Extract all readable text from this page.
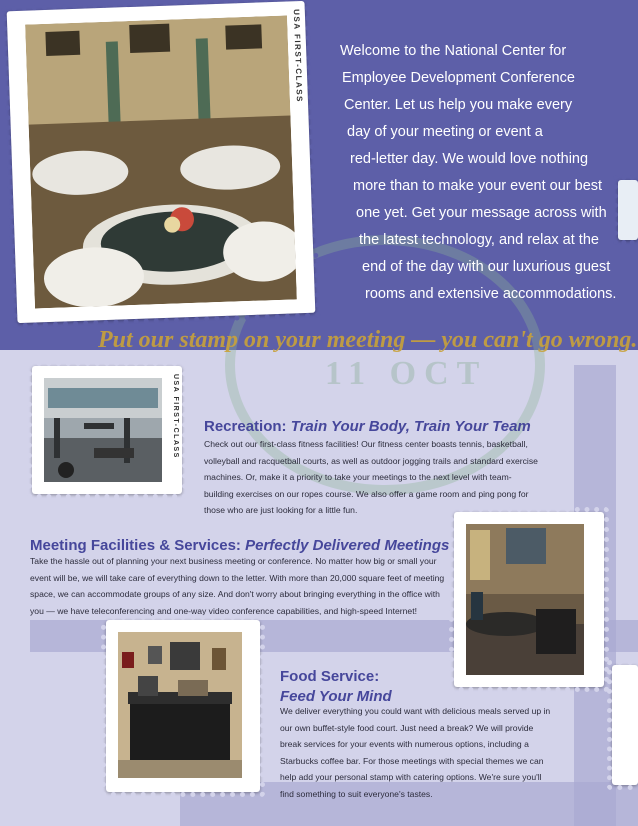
11 OCT
USA FIRST-CLASS Welcome to the National Center for
Employee Development Conference
Center. Let us help you make every
day of your meeting or event a
red-letter day. We would love nothing
more than to make your event our best
one yet. Get your message across with
the latest technology, and relax at the
end of the day with our luxurious guest
rooms and extensive accommodations.
Put our stamp on your meeting — you can't go wrong.
USA FIRST-CLASS Recreation: Train Your Body, Train Your Team
Check out our first-class fitness facilities! Our fitness center boasts tennis, basketball,
volleyball and racquetball courts, as well as outdoor jogging trails and standard exercise
machines. Or, make it a priority to take your meetings to the next level with team-
building exercises on our ropes course. We also offer a game room and ping pong for
those who are just looking for a little fun.
USA FIRST-CLASS
Meeting Facilities & Services: Perfectly Delivered Meetings
Take the hassle out of planning your next business meeting or conference. No matter how big or small your
event will be, we will take care of everything down to the letter. With more than 20,000 square feet of meeting
space, we can accommodate groups of any size. And don't worry about bringing everything in the office with
you — we have teleconferencing and one-way video conference capabilities, and high-speed Internet!
USA FIRST-CLASS Food Service:
Feed Your Mind
We deliver everything you could want with delicious meals served up in
our own buffet-style food court. Just need a break? We will provide
break services for your events with numerous options, including a
Starbucks coffee bar. For those meetings with special themes we can
help add your personal stamp with catering options. We're sure you'll
find something to suit everyone's tastes.
